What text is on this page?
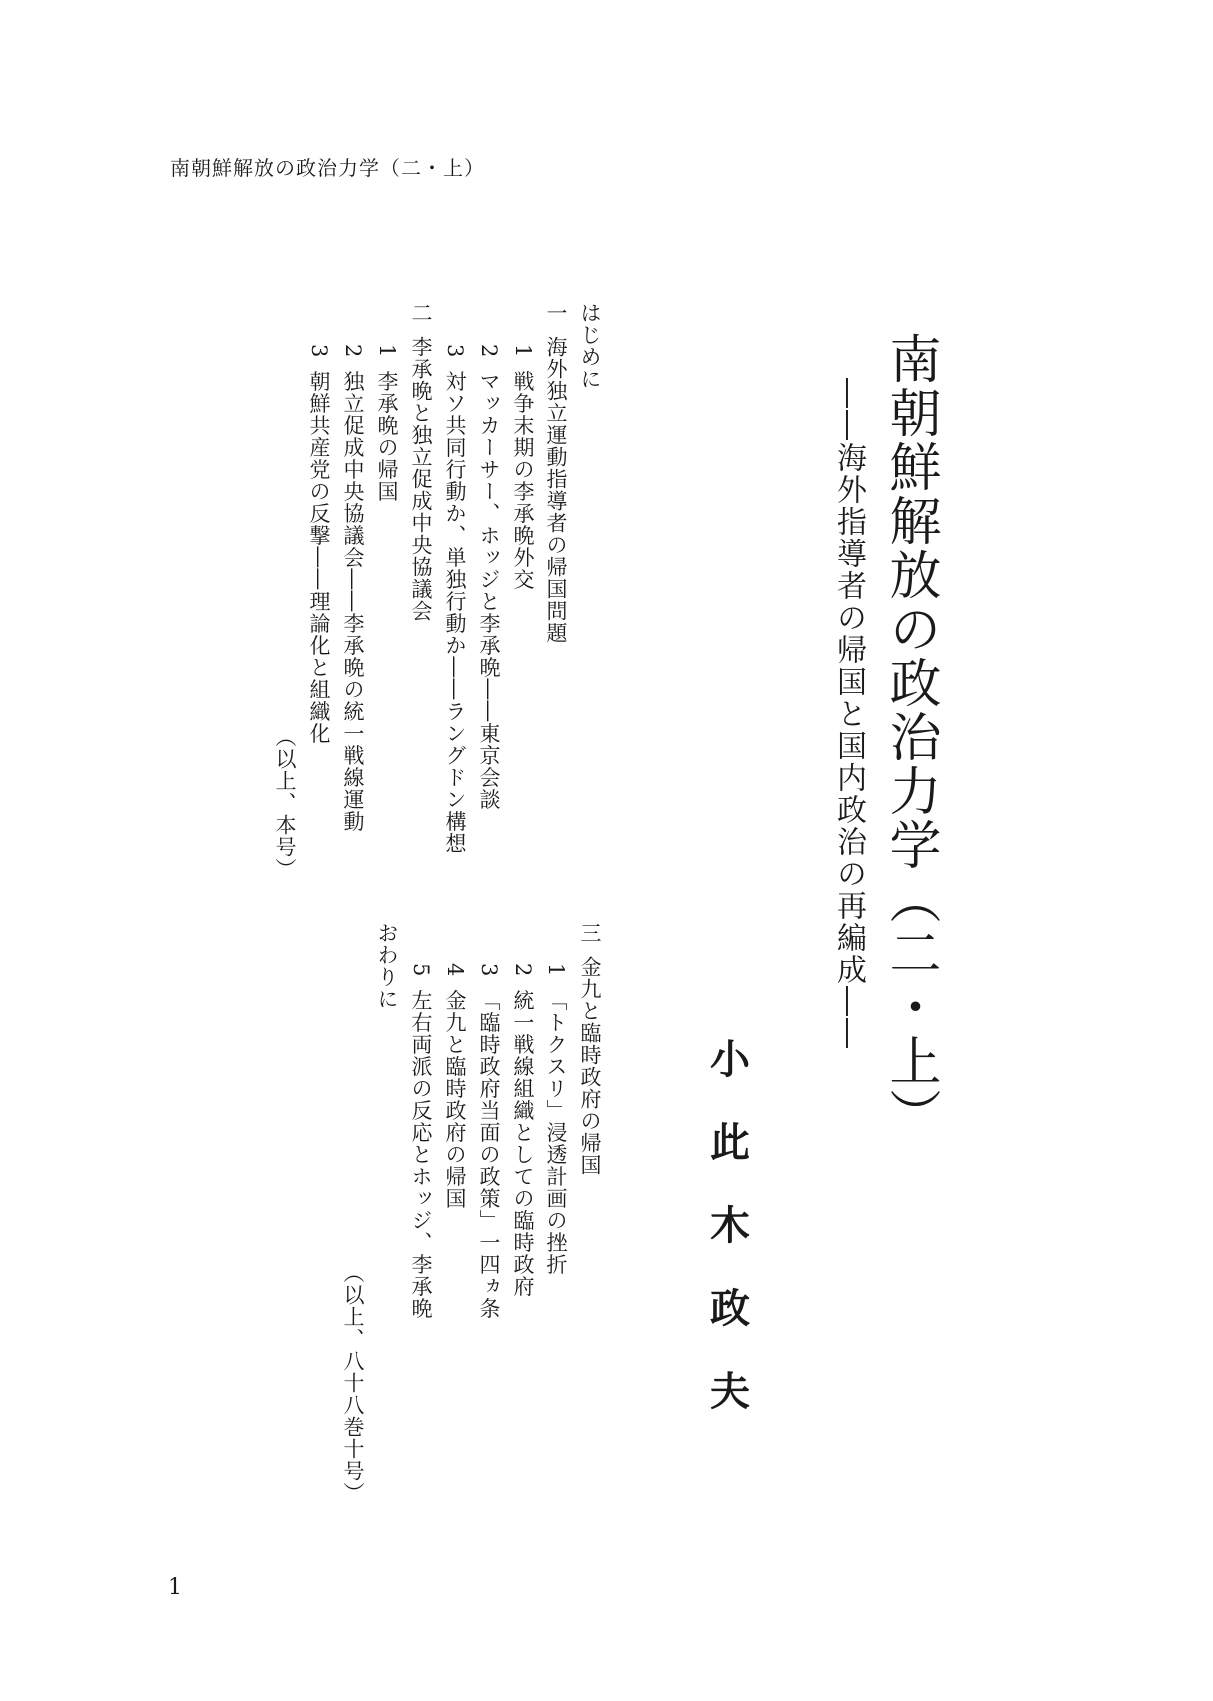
南朝鮮解放の政治力学（二・上）
南朝鮮解放の政治力学（二・上）
――海外指導者の帰国と国内政治の再編成――
小
此
木
政
夫
はじめに
一海外独立運動指導者の帰国問題
1戦争末期の李承晩外交
2マッカーサー、ホッジと李承晩――東京会談
3対ソ共同行動か、単独行動か――ラングドン構想
二李承晩と独立促成中央協議会
1李承晩の帰国
2独立促成中央協議会――李承晩の統一戦線運動
3朝鮮共産党の反撃――理論化と組織化
（以上、本号）
三金九と臨時政府の帰国
1「トクスリ」浸透計画の挫折
2統一戦線組織としての臨時政府
3「臨時政府当面の政策」一四ヵ条
4金九と臨時政府の帰国
5左右両派の反応とホッジ、李承晩
おわりに
（以上、八十八巻十号）
1
